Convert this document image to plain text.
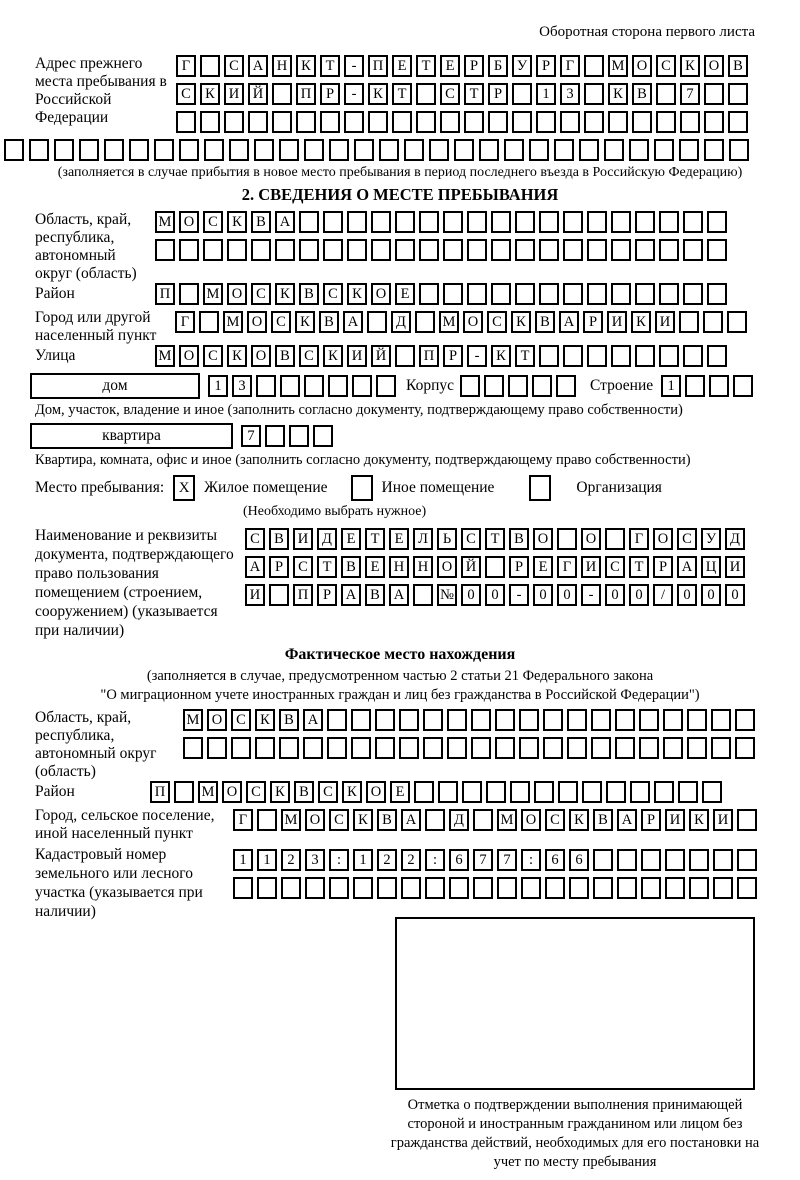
Оборотная сторона первого листа
Адрес прежнего места пребывания в Российской Федерации
Г	С А Н К	Т	-	П Е	Т	Е	Р	Б	У	Р	Г	М О С К О В
С К И Й	П	Р	-	К	Т	С	Т	Р	1	3	К В	7
(заполняется в случае прибытия в новое место пребывания в период последнего въезда в Российскую Федерацию)
2. СВЕДЕНИЯ О МЕСТЕ ПРЕБЫВАНИЯ
Область, край, республика, автономный округ (область)
М О С К В А
Район	П	М О С К В С К О Е
Город или другой населенный пункт
Г	М О С К В А	Д	М О С К В А	Р	И К И
Улица	М О С К О В С К И Й	П	Р	-	К	Т
дом	1	3	Корпус	Строение 1
Дом, участок, владение и иное (заполнить согласно документу, подтверждающему право собственности)
квартира	7
Квартира, комната, офис и иное (заполнить согласно документу, подтверждающему право собственности)
Место пребывания: Х Жилое помещение	Иное помещение	Организация
(Необходимо выбрать нужное)
Наименование и реквизиты документа, подтверждающего право пользования помещением (строением, сооружением) (указывается при наличии)
С В И Д	Е	Т	Е	Л	Ь	С	Т	В О	О	Г	О С У Д
А	Р	С	Т	В	Е Н Н О Й	Р	Е	Г	И С	Т	Р	А Ц И
И	П	Р	А В А	№ 0	0	-	0	0	-	0	0	/	0	0	0
Фактическое место нахождения
(заполняется в случае, предусмотренном частью 2 статьи 21 Федерального закона
"О миграционном учете иностранных граждан и лиц без гражданства в Российской Федерации")
Область, край, республика, автономный округ (область)
М О С К В А
Район	П	М О С К В С К О Е
Город, сельское поселение, иной населенный пункт
Г	М О С К В А	Д	М О С К В А	Р	И К И
Кадастровый номер земельного или лесного участка (указывается при наличии)
1	1	2	3	:	1	2	2	:	6	7	7	:	6	6
Отметка о подтверждении выполнения принимающей стороной и иностранным гражданином или лицом без гражданства действий, необходимых для его постановки на учет по месту пребывания
